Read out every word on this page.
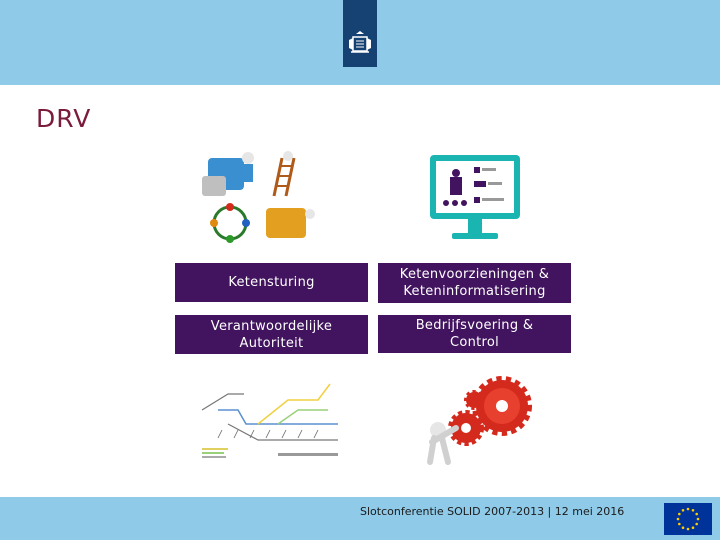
DRV
Ketensturing
Ketenvoorzieningen &
Keteninformatisering
Verantwoordelijke
Autoriteit
Bedrijfsvoering &
Control
Slotconferentie SOLID 2007-2013 | 12 mei 2016
